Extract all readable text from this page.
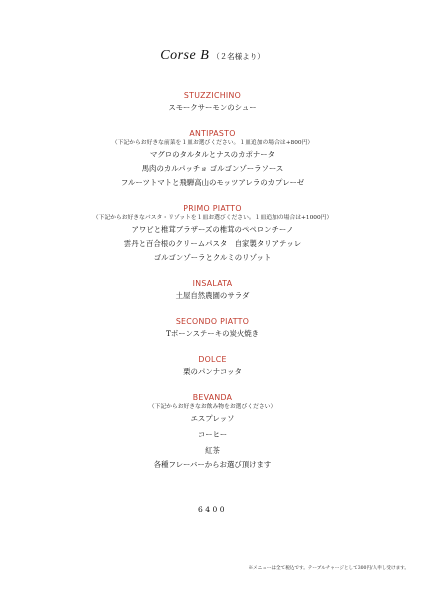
Corse B （２名様より）
STUZZICHINO
スモークサーモンのシュー
ANTIPASTO
（下記からお好きな前菜を１皿お選びください。１皿追加の場合は+800円）
マグロのタルタルとナスのカポナータ
馬肉のカルパッチョ ゴルゴンゾーラソース
フルーツトマトと飛騨高山のモッツアレラのカプレーゼ
PRIMO PIATTO
（下記からお好きなパスタ・リゾットを１皿お選びください。１皿追加の場合は+1000円）
アワビと椎茸ブラザーズの椎茸のペペロンチーノ
雲丹と百合根のクリームパスタ　自家製タリアテッレ
ゴルゴンゾーラとクルミのリゾット
INSALATA
土屋自然農園のサラダ
SECONDO PIATTO
Tボーンステーキの炭火焼き
DOLCE
栗のパンナコッタ
BEVANDA
（下記からお好きなお飲み物をお選びください）
エスプレッソ
コーヒー
紅茶
各種フレーバーからお選び頂けます
6400
※メニューは全て税込です。テーブルチャージとして300円/人申し受けます。
